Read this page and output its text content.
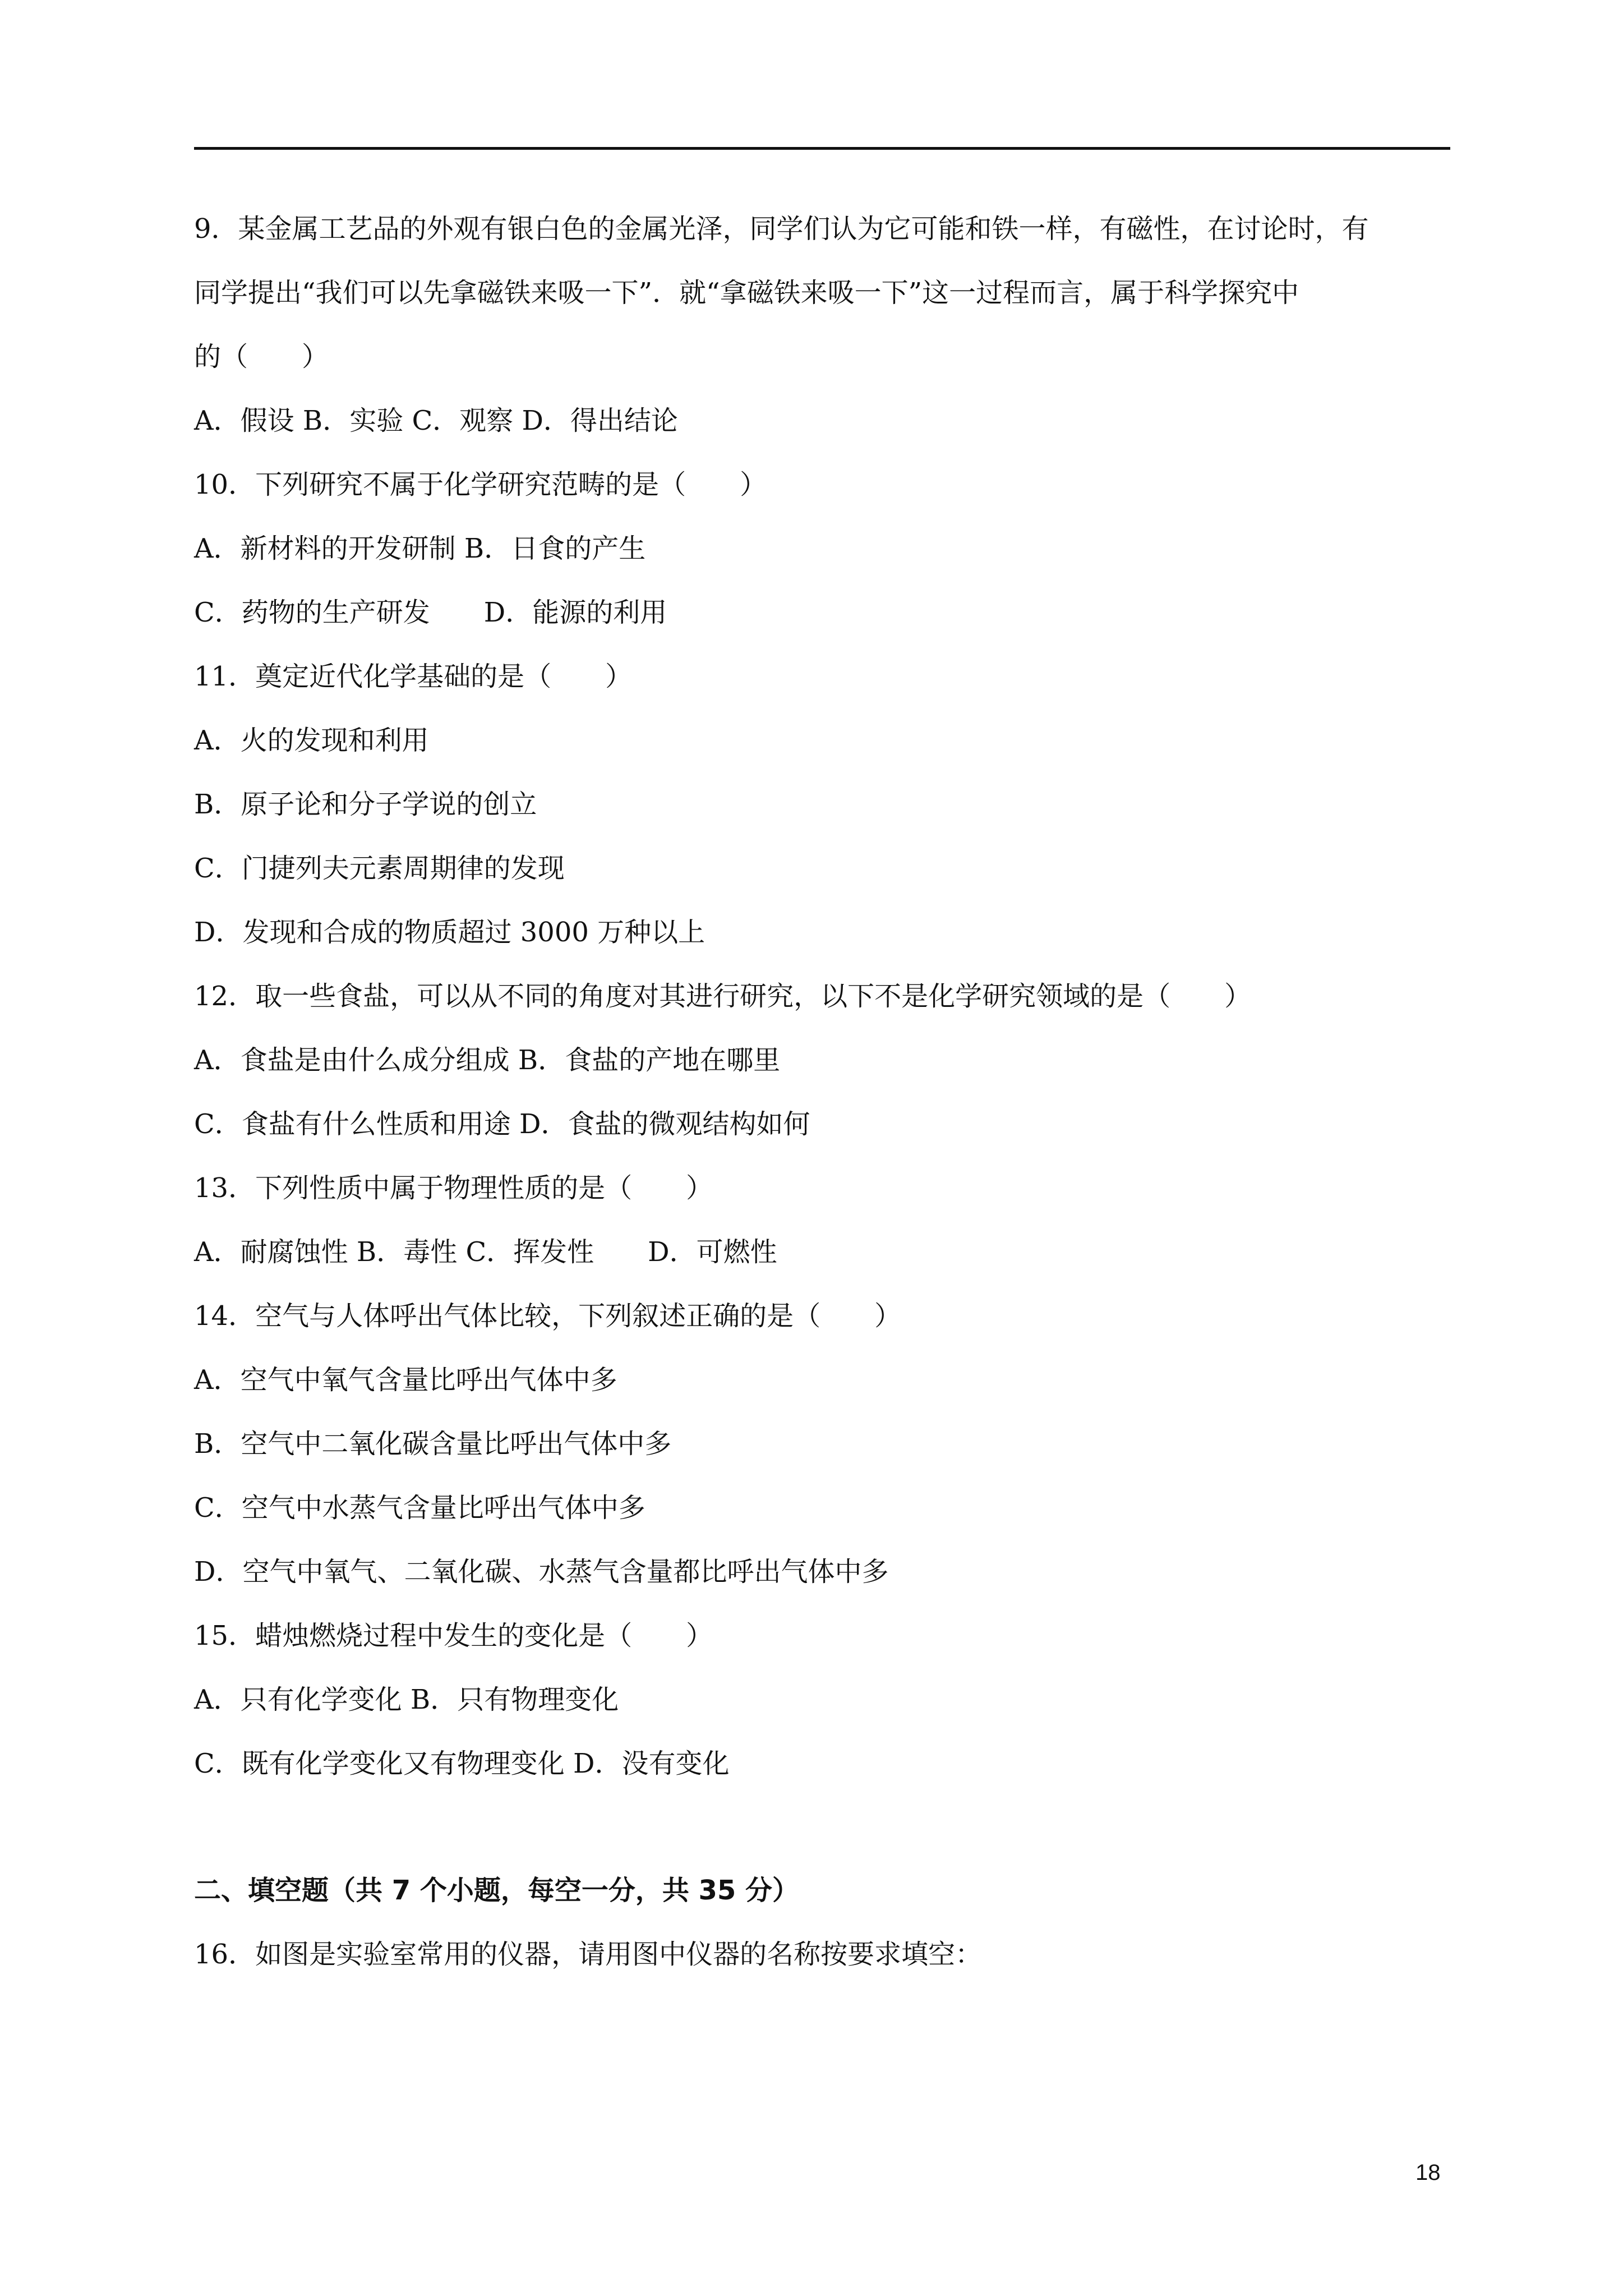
9．某金属工艺品的外观有银白色的金属光泽，同学们认为它可能和铁一样，有磁性，在讨论时，有
同学提出“我们可以先拿磁铁来吸一下”．就“拿磁铁来吸一下”这一过程而言，属于科学探究中
的（　　）
A．假设 B．实验 C．观察 D．得出结论
10．下列研究不属于化学研究范畴的是（　　）
A．新材料的开发研制 B．日食的产生
C．药物的生产研发　　D．能源的利用
11．奠定近代化学基础的是（　　）
A．火的发现和利用
B．原子论和分子学说的创立
C．门捷列夫元素周期律的发现
D．发现和合成的物质超过 3000 万种以上
12．取一些食盐，可以从不同的角度对其进行研究，以下不是化学研究领域的是（　　）
A．食盐是由什么成分组成 B．食盐的产地在哪里
C．食盐有什么性质和用途 D．食盐的微观结构如何
13．下列性质中属于物理性质的是（　　）
A．耐腐蚀性 B．毒性 C．挥发性　　D．可燃性
14．空气与人体呼出气体比较，下列叙述正确的是（　　）
A．空气中氧气含量比呼出气体中多
B．空气中二氧化碳含量比呼出气体中多
C．空气中水蒸气含量比呼出气体中多
D．空气中氧气、二氧化碳、水蒸气含量都比呼出气体中多
15．蜡烛燃烧过程中发生的变化是（　　）
A．只有化学变化 B．只有物理变化
C．既有化学变化又有物理变化 D．没有变化
二、填空题（共 7 个小题，每空一分，共 35 分）
16．如图是实验室常用的仪器，请用图中仪器的名称按要求填空：
18
